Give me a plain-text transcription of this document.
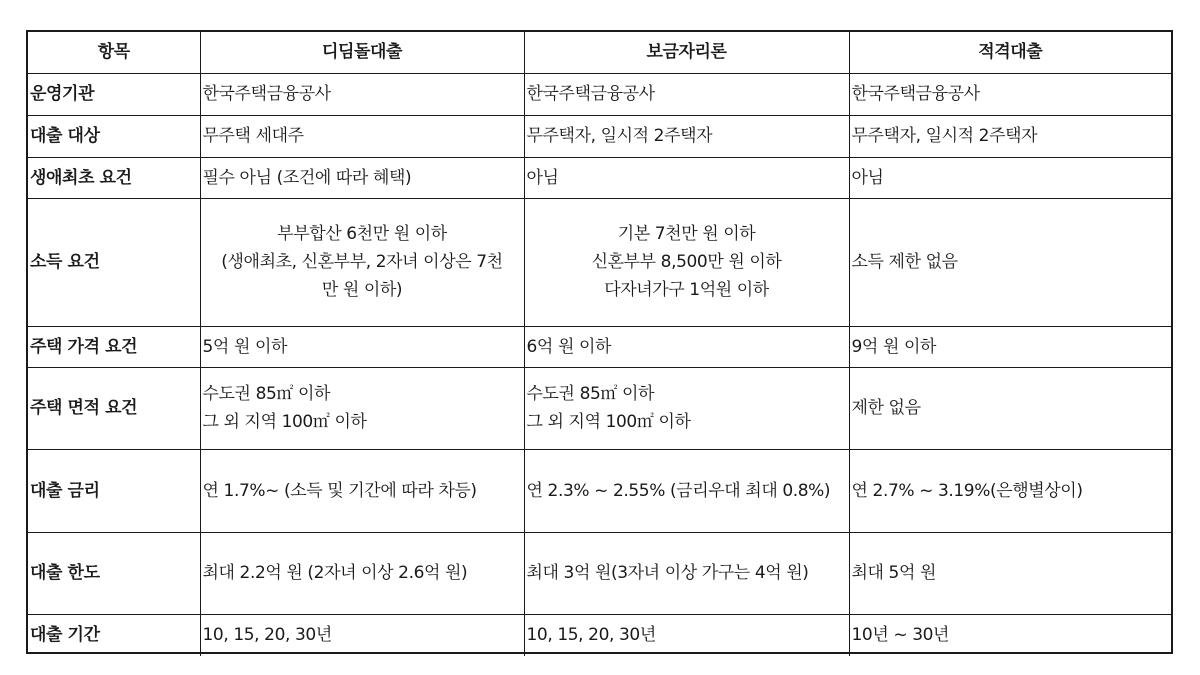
항목	디딤돌대출	보금자리론	적격대출
운영기관	한국주택금융공사	한국주택금융공사	한국주택금융공사

대출 대상	무주택 세대주	무주택자, 일시적 2주택자	무주택자, 일시적 2주택자

생애최초 요건	필수 아님 (조건에 따라 혜택)	아님	아님

소득 요건	부부합산 6천만 원 이하
(생애최초, 신혼부부, 2자녀 이상은 7천
만 원 이하)	기본 7천만 원 이하
신혼부부 8,500만 원 이하
다자녀가구 1억원 이하	소득 제한 없음

주택 가격 요건	5억 원 이하	6억 원 이하	9억 원 이하

주택 면적 요건	수도권 85㎡ 이하
그 외 지역 100㎡ 이하	수도권 85㎡ 이하
그 외 지역 100㎡ 이하	제한 없음

대출 금리	연 1.7%~ (소득 및 기간에 따라 차등)	연 2.3% ~ 2.55% (금리우대 최대 0.8%)	연 2.7% ~ 3.19%(은행별상이)

대출 한도	최대 2.2억 원 (2자녀 이상 2.6억 원)	최대 3억 원(3자녀 이상 가구는 4억 원)	최대 5억 원

대출 기간	10, 15, 20, 30년	10, 15, 20, 30년	10년 ~ 30년
